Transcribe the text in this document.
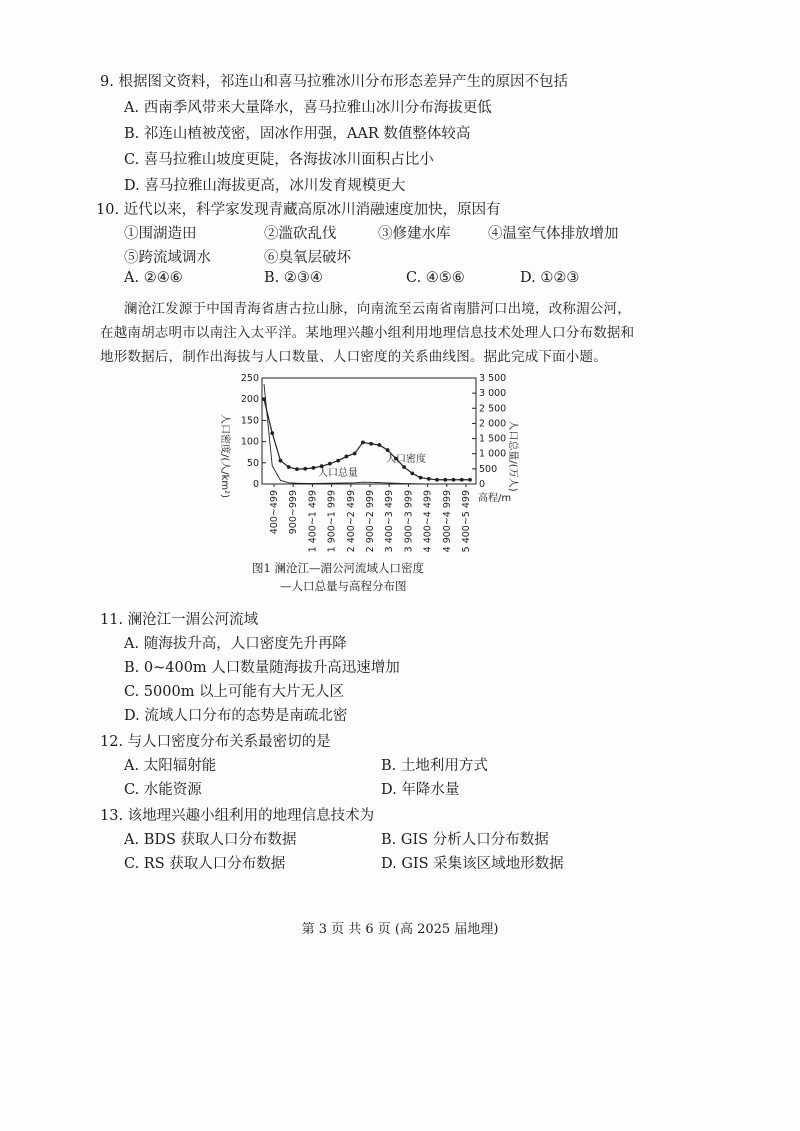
9. 根据图文资料，祁连山和喜马拉雅冰川分布形态差异产生的原因不包括
A. 西南季风带来大量降水，喜马拉雅山冰川分布海拔更低
B. 祁连山植被茂密，固冰作用强，AAR 数值整体较高
C. 喜马拉雅山坡度更陡，各海拔冰川面积占比小
D. 喜马拉雅山海拔更高，冰川发育规模更大
10. 近代以来，科学家发现青藏高原冰川消融速度加快，原因有
①围湖造田	②滥砍乱伐	③修建水库	④温室气体排放增加
⑤跨流域调水	⑥臭氧层破坏
A. ②④⑥	B. ②③④	C. ④⑤⑥	D. ①②③
澜沧江发源于中国青海省唐古拉山脉，向南流至云南省南腊河口出境，改称湄公河，
在越南胡志明市以南注入太平洋。某地理兴趣小组利用地理信息技术处理人口分布数据和
地形数据后，制作出海拔与人口数量、人口密度的关系曲线图。据此完成下面小题。
0
50
100
150
200
250
0
500
1 000
1 500
2 000
2 500
3 000
3 500
400~499 900~999 1 400~1 499 1 900~1 999 2 400~2 499 2 900~2 999 3 400~3 499 3 900~3 999 4 400~4 499 4 900~4 999 5 400~5 499
人口密度/(人/km²)	人口总量/(万人)
高程/m
人口密度
人口总量
图1 澜沧江—湄公河流域人口密度
—人口总量与高程分布图
11. 澜沧江一湄公河流域
A. 随海拔升高，人口密度先升再降
B. 0~400m 人口数量随海拔升高迅速增加
C. 5000m 以上可能有大片无人区
D. 流域人口分布的态势是南疏北密
12. 与人口密度分布关系最密切的是
A. 太阳辐射能	B. 土地利用方式
C. 水能资源	D. 年降水量
13. 该地理兴趣小组利用的地理信息技术为
A. BDS 获取人口分布数据	B. GIS 分析人口分布数据
C. RS 获取人口分布数据	D. GIS 采集该区域地形数据
第 3 页 共 6 页 (高 2025 届地理)
